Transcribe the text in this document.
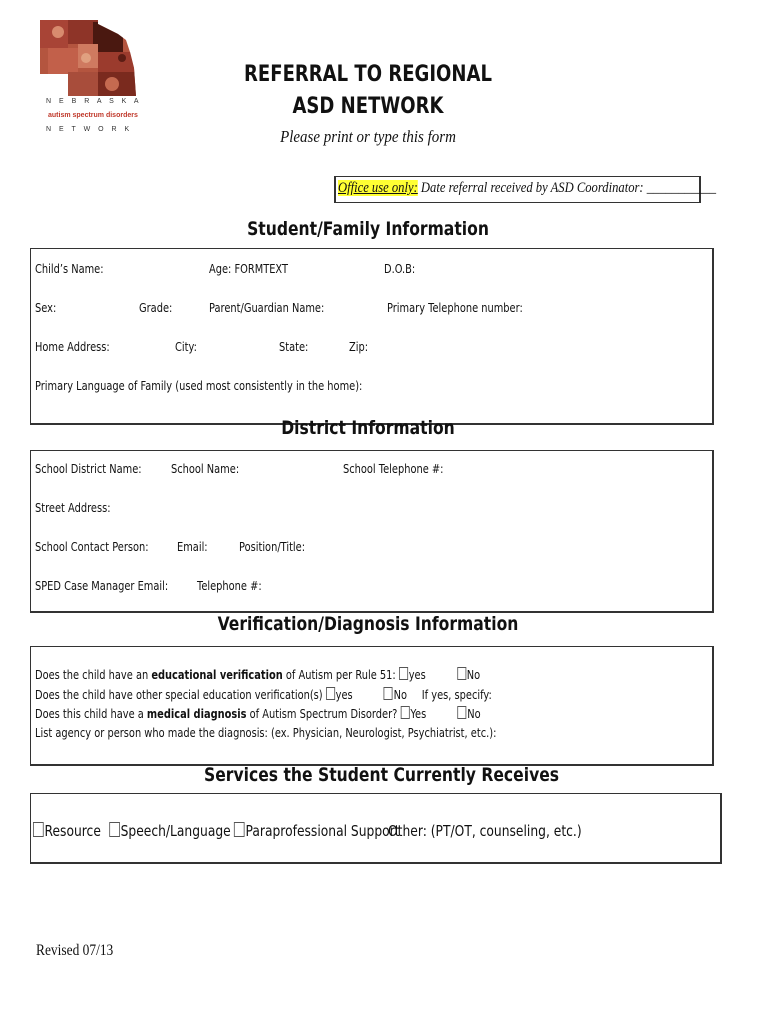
N E B R A S K A
autism spectrum disorders
N E T W O R K
REFERRAL TO REGIONAL
ASD NETWORK
Please print or type this form
Office use only: Date referral received by ASD Coordinator: ___________
Student/Family Information
Child’s Name:	Age: FORMTEXT	D.O.B:
Sex:	Grade:	Parent/Guardian Name:	Primary Telephone number:
Home Address:	City:	State:	Zip:
Primary Language of Family (used most consistently in the home):
District Information
School District Name: School Name:	School Telephone #:
Street Address:
School Contact Person: Email:	Position/Title:
SPED Case Manager Email: Telephone #:
Verification/Diagnosis Information
Does the child have an educational verification of Autism per Rule 51: yes	No
Does the child have other special education verification(s) yes	No If yes, specify:
Does this child have a medical diagnosis of Autism Spectrum Disorder? Yes	No
List agency or person who made the diagnosis: (ex. Physician, Neurologist, Psychiatrist, etc.):
Services the Student Currently Receives
Resource Speech/Language Paraprofessional Support
Other: (PT/OT, counseling, etc.)
Revised 07/13
